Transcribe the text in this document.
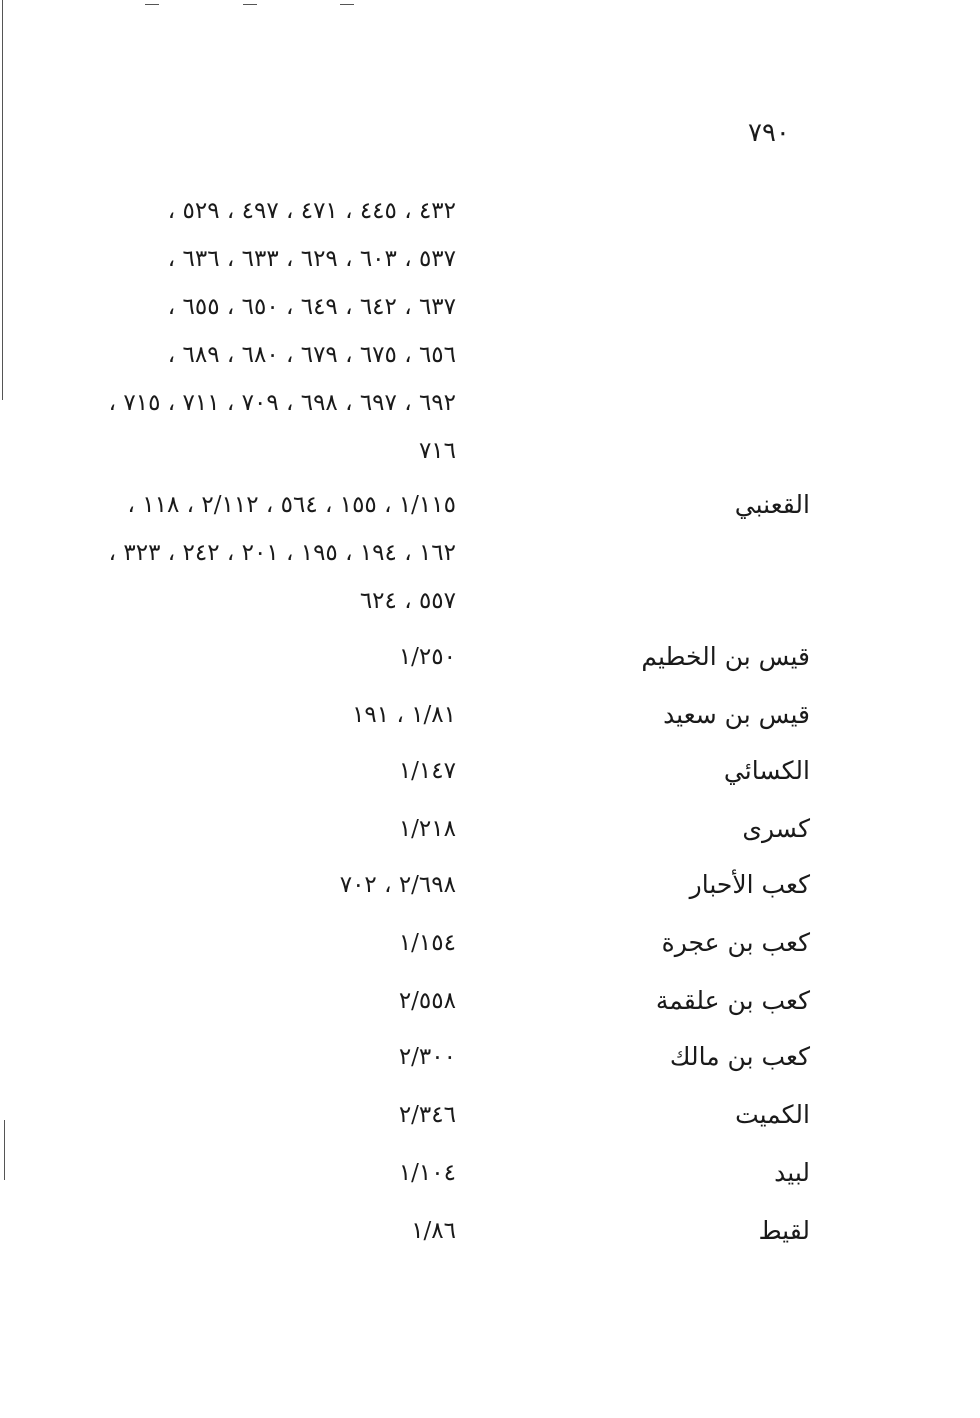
٧٩٠
٤٣٢ ، ٤٤٥ ، ٤٧١ ، ٤٩٧ ، ٥٢٩ ،
٥٣٧ ، ٦٠٣ ، ٦٢٩ ، ٦٣٣ ، ٦٣٦ ،
٦٣٧ ، ٦٤٢ ، ٦٤٩ ، ٦٥٠ ، ٦٥٥ ،
٦٥٦ ، ٦٧٥ ، ٦٧٩ ، ٦٨٠ ، ٦٨٩ ،
٦٩٢ ، ٦٩٧ ، ٦٩٨ ، ٧٠٩ ، ٧١١ ، ٧١٥ ،
٧١٦
القعنبي
١/١١٥ ، ١٥٥ ، ٥٦٤ ، ٢/١١٢ ، ١١٨ ،
١٦٢ ، ١٩٤ ، ١٩٥ ، ٢٠١ ، ٢٤٢ ، ٣٢٣ ،
٥٥٧ ، ٦٢٤
قيس بن الخطيم
١/٢٥٠
قيس بن سعيد
١/٨١ ، ١٩١
الكسائي
١/١٤٧
كسرى
١/٢١٨
كعب الأحبار
٢/٦٩٨ ، ٧٠٢
كعب بن عجرة
١/١٥٤
كعب بن علقمة
٢/٥٥٨
كعب بن مالك
٢/٣٠٠
الكميت
٢/٣٤٦
لبيد
١/١٠٤
لقيط
١/٨٦
